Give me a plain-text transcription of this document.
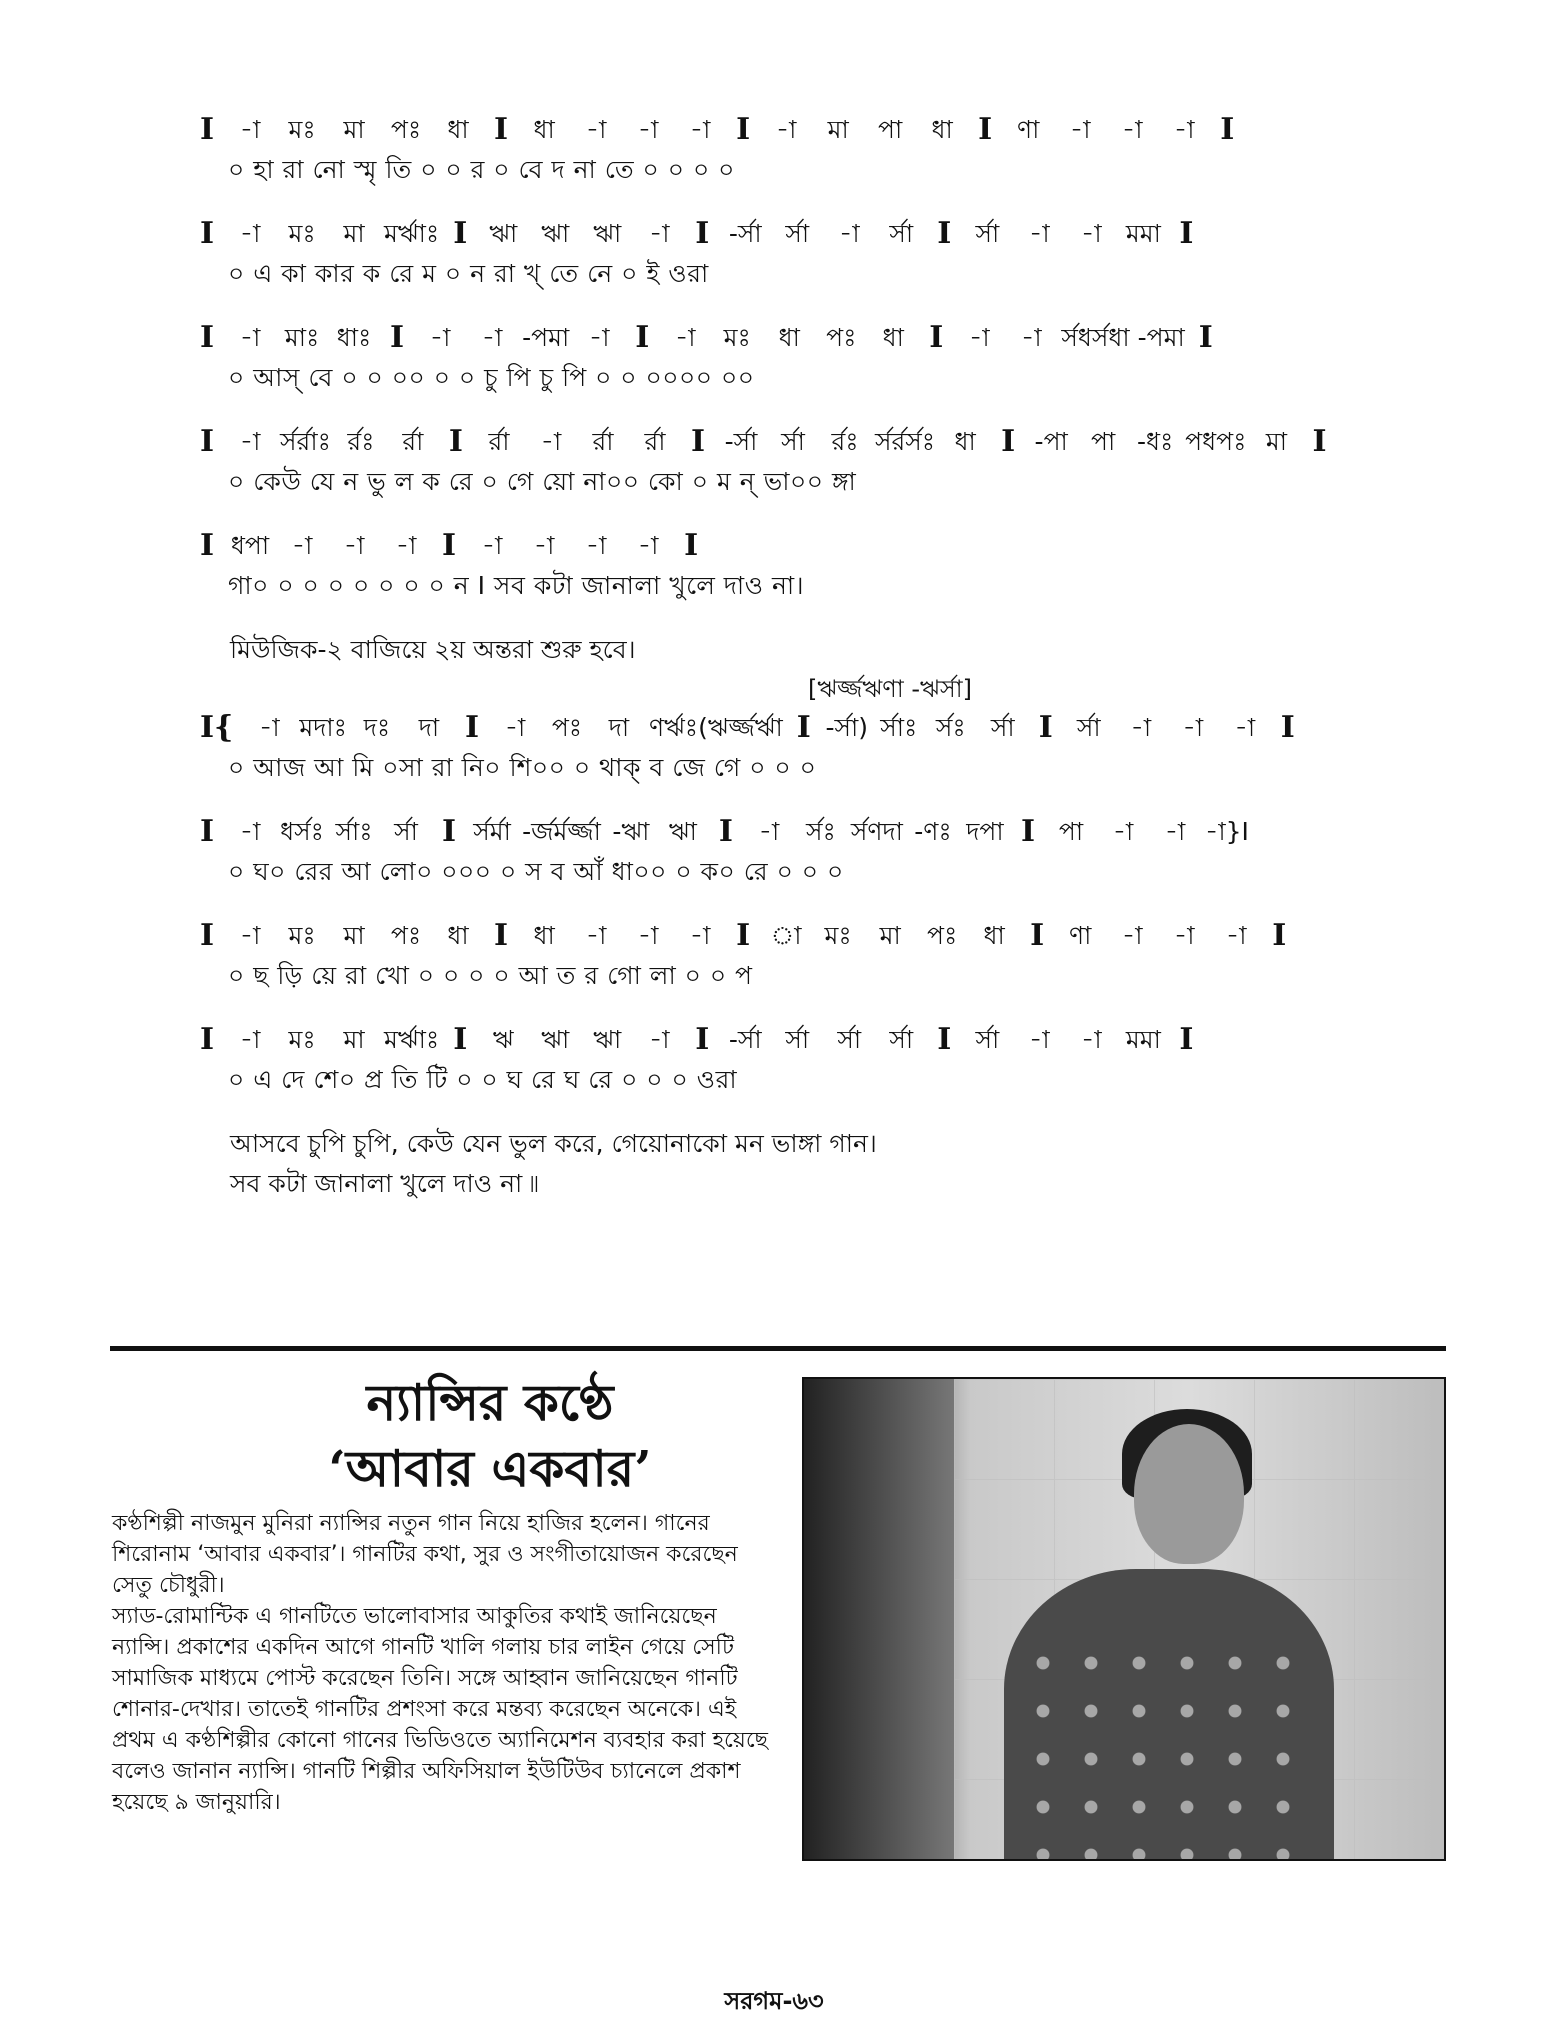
I	-া	মঃ	মা	পঃ	ধা I	ধা	-া	-া	-া I	-া	মা	পা	ধা I ণা	-া	-া	-া I
০ হা রা নো স্মৃ তি ০ ০ র ০ বে দ না তে ০ ০ ০ ০
I	-া	মঃ	মা মর্ঋাঃ I ঋা ঋা ঋা	-া I -র্সা র্সা	-া	র্সা I র্সা	-া	-া মমা I
০ এ কা কার ক রে ম ০ ন রা খ্ তে নে ০ ই ওরা
I	-া মাঃ ধাঃ I	-া	-া -পমা -া I	-া	মঃ	ধা	পঃ	ধা I	-া	-া র্সধর্সধা -পমা I
০ আস্ বে ০ ০ ০০ ০ ০ চু পি চু পি ০ ০ ০০০০ ০০
I	-া র্সর্রাঃ র্রঃ	র্রা I	র্রা	-া	র্রা	র্রা I -র্সা র্সা	র্রঃ র্সর্রর্সঃ ধা I -পা পা -ধঃ পধপঃ মা I
০ কেউ যে ন ভু ল ক রে ০ গে য়ো না০০ কো ০ ম ন্ ভা০০ ঙ্গা
I ধপা -া	-া	-া I	-া	-া	-া	-া I
গা০ ০ ০ ০ ০ ০ ০ ০ ন I সব কটা জানালা খুলে দাও না।
মিউজিক-২ বাজিয়ে ২য় অন্তরা শুরু হবে।
[ঋর্জ্জঋণা -ঋর্সা]
I{	-া মদাঃ দঃ	দা I	-া	পঃ	দা ণর্ঋঃ(ঋর্জ্জর্ঋা I -র্সা) র্সাঃ র্সঃ	র্সা I র্সা	-া	-া	-া I
০ আজ আ মি ০সা রা নি০ শি০০ ০ থাক্ ব জে গে ০ ০ ০
I	-া ধর্সঃ র্সাঃ র্সা I র্সর্মা -র্জর্মর্জ্জা -ঋা ঋা I	-া	র্সঃ র্সণদা -ণঃ দপা I পা	-া	-া -া}I
০ ঘ০ রের আ লো০ ০০০ ০ স ব আঁ ধা০০ ০ ক০ রে ০ ০ ০
I	-া	মঃ	মা	পঃ	ধা I	ধা	-া	-া	-া I া মঃ	মা	পঃ	ধা I ণা	-া	-া	-া I
০ ছ ড়ি য়ে রা খো ০ ০ ০ ০ আ ত র গো লা ০ ০ প
I	-া	মঃ	মা মর্ঋাঃ I	ঋ	ঋা ঋা	-া I -র্সা র্সা	র্সা	র্সা I র্সা	-া	-া মমা I
০ এ দে শে০ প্র তি টি ০ ০ ঘ রে ঘ রে ০ ০ ০ ওরা
আসবে চুপি চুপি, কেউ যেন ভুল করে, গেয়োনাকো মন ভাঙ্গা গান।
সব কটা জানালা খুলে দাও না ৷৷
ন্যান্সির কণ্ঠে
‘আবার একবার’
কণ্ঠশিল্পী নাজমুন মুনিরা ন্যান্সির নতুন গান নিয়ে হাজির হলেন। গানের শিরোনাম ‘আবার একবার’। গানটির কথা, সুর ও সংগীতায়োজন করেছেন সেতু চৌধুরী।
স্যাড-রোমান্টিক এ গানটিতে ভালোবাসার আকুতির কথাই জানিয়েছেন ন্যান্সি। প্রকাশের একদিন আগে গানটি খালি গলায় চার লাইন গেয়ে সেটি সামাজিক মাধ্যমে পোস্ট করেছেন তিনি। সঙ্গে আহ্বান জানিয়েছেন গানটি শোনার-দেখার। তাতেই গানটির প্রশংসা করে মন্তব্য করেছেন অনেকে। এই প্রথম এ কণ্ঠশিল্পীর কোনো গানের ভিডিওতে অ্যানিমেশন ব্যবহার করা হয়েছে বলেও জানান ন্যান্সি। গানটি শিল্পীর অফিসিয়াল ইউটিউব চ্যানেলে প্রকাশ হয়েছে ৯ জানুয়ারি।
সরগম-৬৩
